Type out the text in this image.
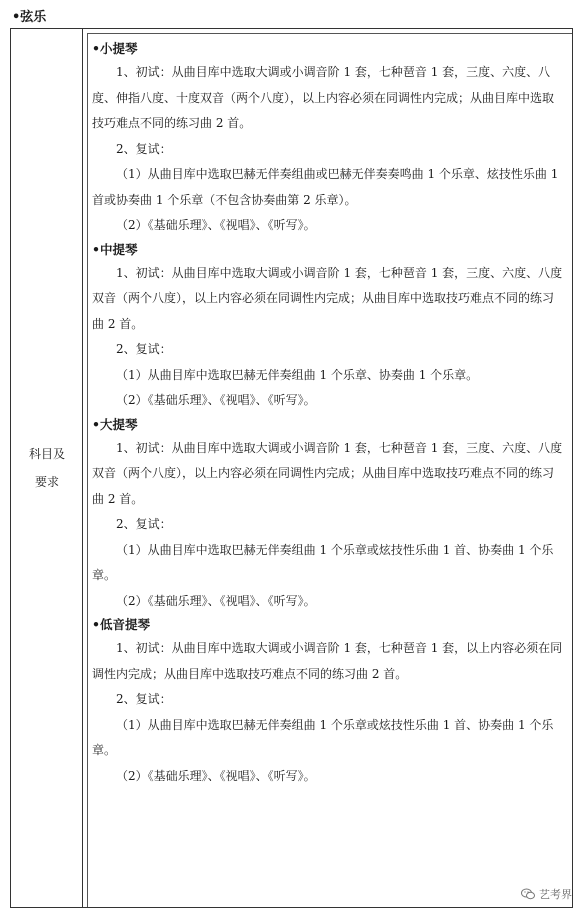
•弦乐
科目及
要求
•小提琴

1、初试：从曲目库中选取大调或小调音阶 1 套，七种琶音 1 套，三度、六度、八度、伸指八度、十度双音（两个八度），以上内容必须在同调性内完成；从曲目库中选取技巧难点不同的练习曲 2 首。

2、复试：

（1）从曲目库中选取巴赫无伴奏组曲或巴赫无伴奏奏鸣曲 1 个乐章、炫技性乐曲 1 首或协奏曲 1 个乐章（不包含协奏曲第 2 乐章）。

（2）《基础乐理》、《视唱》、《听写》。

•中提琴

1、初试：从曲目库中选取大调或小调音阶 1 套，七种琶音 1 套，三度、六度、八度双音（两个八度），以上内容必须在同调性内完成；从曲目库中选取技巧难点不同的练习曲 2 首。

2、复试：

（1）从曲目库中选取巴赫无伴奏组曲 1 个乐章、协奏曲 1 个乐章。

（2）《基础乐理》、《视唱》、《听写》。

•大提琴

1、初试：从曲目库中选取大调或小调音阶 1 套，七种琶音 1 套，三度、六度、八度双音（两个八度），以上内容必须在同调性内完成；从曲目库中选取技巧难点不同的练习曲 2 首。

2、复试：

（1）从曲目库中选取巴赫无伴奏组曲 1 个乐章或炫技性乐曲 1 首、协奏曲 1 个乐章。

（2）《基础乐理》、《视唱》、《听写》。

•低音提琴

1、初试：从曲目库中选取大调或小调音阶 1 套，七种琶音 1 套，以上内容必须在同调性内完成；从曲目库中选取技巧难点不同的练习曲 2 首。

2、复试：

（1）从曲目库中选取巴赫无伴奏组曲 1 个乐章或炫技性乐曲 1 首、协奏曲 1 个乐章。

（2）《基础乐理》、《视唱》、《听写》。

艺考界
